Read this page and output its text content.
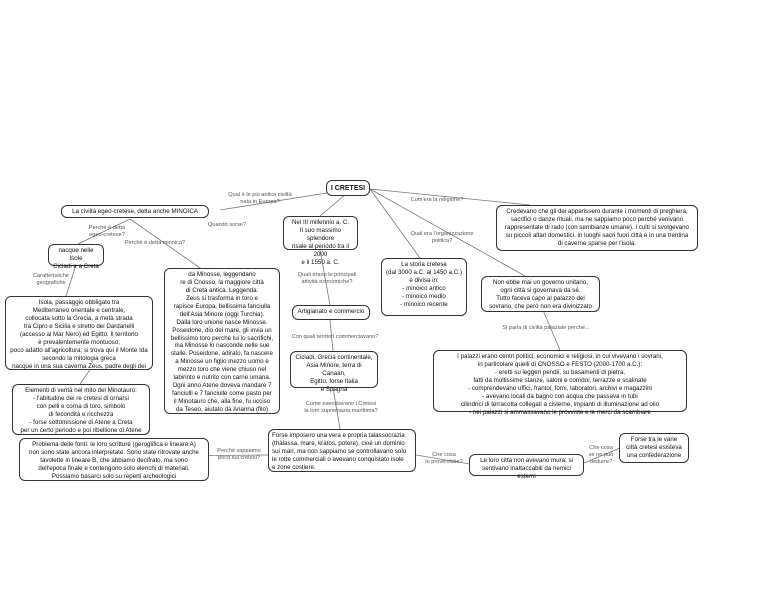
I CRETESI
La civiltà egeo-cretese, detta anche MINOICA
nacque nelle Isole
Cicladi e a Creta
Isola, passaggio obbligato tra
Mediterraneo orientale e centrale,
collocata sotto la Grecia, a metà strada
tra Cipro e Sicilia e stretto dei Dardanelli
(accesso al Mar Nero) ed Egitto. Il territorio
è prevalentemente montuoso,
poco adatto all'agricoltura; si trova qui il Monte Ida
secondo la mitologia greca
nacque in una sua caverna Zeus, padre degli dei
Elementi di verità nel mito del Minotauro:
- l'abitudine dei re cretesi di ornarsi
con pelli e corna di toro, simbolo
di fecondità e ricchezza
- forse sottomissione di Atene a Creta
per un certo periodo e poi ribellione di Atene
Problema delle fonti: le loro scritture (geroglifica e lineare A)
non sono state ancora interpretate. Sono state ritrovate anche
tavolette in lineare B, che abbiamo decifrato, ma sono
dell'epoca finale e contengono solo elenchi di materiali.
Possiamo basarci solo su reperti archeologici
da Minosse, leggendario
re di Cnosso, la maggiore città
di Creta antica. Leggenda:
Zeus si trasforma in toro e
rapisce Europa, bellissima fanciulla
dell'Asia Minore (oggi Turchia).
Dalla loro unione nasce Minosse.
Poseidone, dio del mare, gli invia un
bellissimo toro perché lui lo sacrifichi,
ma Minosse lo nasconde nelle sue
stalle. Poseidone, adirato, fa nascere
a Minosse un figlio mezzo uomo e
mezzo toro che viene chiuso nel
labirinto e nutrito con carne umana.
Ogni anno Atene doveva mandare 7
fanciulli e 7 fanciulle come pasto per
il Minotauro che, alla fine, fu ucciso
da Teseo, aiutato da Arianna (filo)
Nel III millennio a. C.
Il suo massimo splendore
risale al periodo tra il 2000
e il 1550 a. C.
Artigianato e commercio
Cicladi, Grecia continentale,
Asia Minore, terra di Canaan,
Egitto, forse Italia
e Spagna
Forse imposero una vera e propria talassocrazia
(thàlassa, mare, kràtos, potere), cioè un dominio
sui mari, ma non sappiamo se controllavano solo
le rotte commerciali o avevano conquistato isole
e zone costiere.
La storia cretese
(dal 3000 a.C. al 1450 a.C.)
è divisa in:
- minoico antico
- minoico medio
- minoico recente
Credevano che gli dei apparissero durante i momenti di preghiera,
sacrifici o danze rituali, ma ne sappiamo poco perché venivano
rappresentate di rado (con sembianze umane). I culti si svolgevano
su piccoli altari domestici, in luoghi sacri fuori città e in una trentina
di caverne sparse per l'isola.
Non ebbe mai un governo unitario,
ogni città si governava da sé.
Tutto faceva capo al palazzo del
sovrano, che però non era divinizzato
I palazzi erano centri politici, economici e religiosi, in cui vivevano i sovrani,
in particolare quelli di CNOSSO e FESTO (2000-1700 a.C.):
- eretti su leggeri pendii, su basamenti di pietra,
fatti da moltissime stanze, saloni e corridoi, terrazze e scalinate
- comprendevano uffici, frantoi, forni, laboratori, archivi e magazzini
- avevano locali da bagno con acqua che passava in tubi
cilindrici di terracotta collegati a cisterne, impianti di illuminazione ad olio
- nei palazzi si ammassavano le provviste e le merci da scambiare
Le loro città non avevano mura: si
sentivano inattaccabili da nemici esterni
Forse tra le varie
città cretesi esisteva
una confederazione
Qual è le più antica civiltà
nata in Europa?	Com'era la religione?
Perché è detta
egeo-cretese?
Perché è detta minoica?
Quando sorse?
Qual era l'organizzazione
politica?
Caratteristiche
geografiche
Quali erano le principali
attività economiche?
Con quali territori commerciavano?
Si parla di civiltà palaziale perché...
Come esercitavano i Cretesi
la loro supremazia marittima?
Perché sappiamo
poco sui cretesi?	Che cosa
lo proverebbe?
Che cosa
se ne può
dedurre?
